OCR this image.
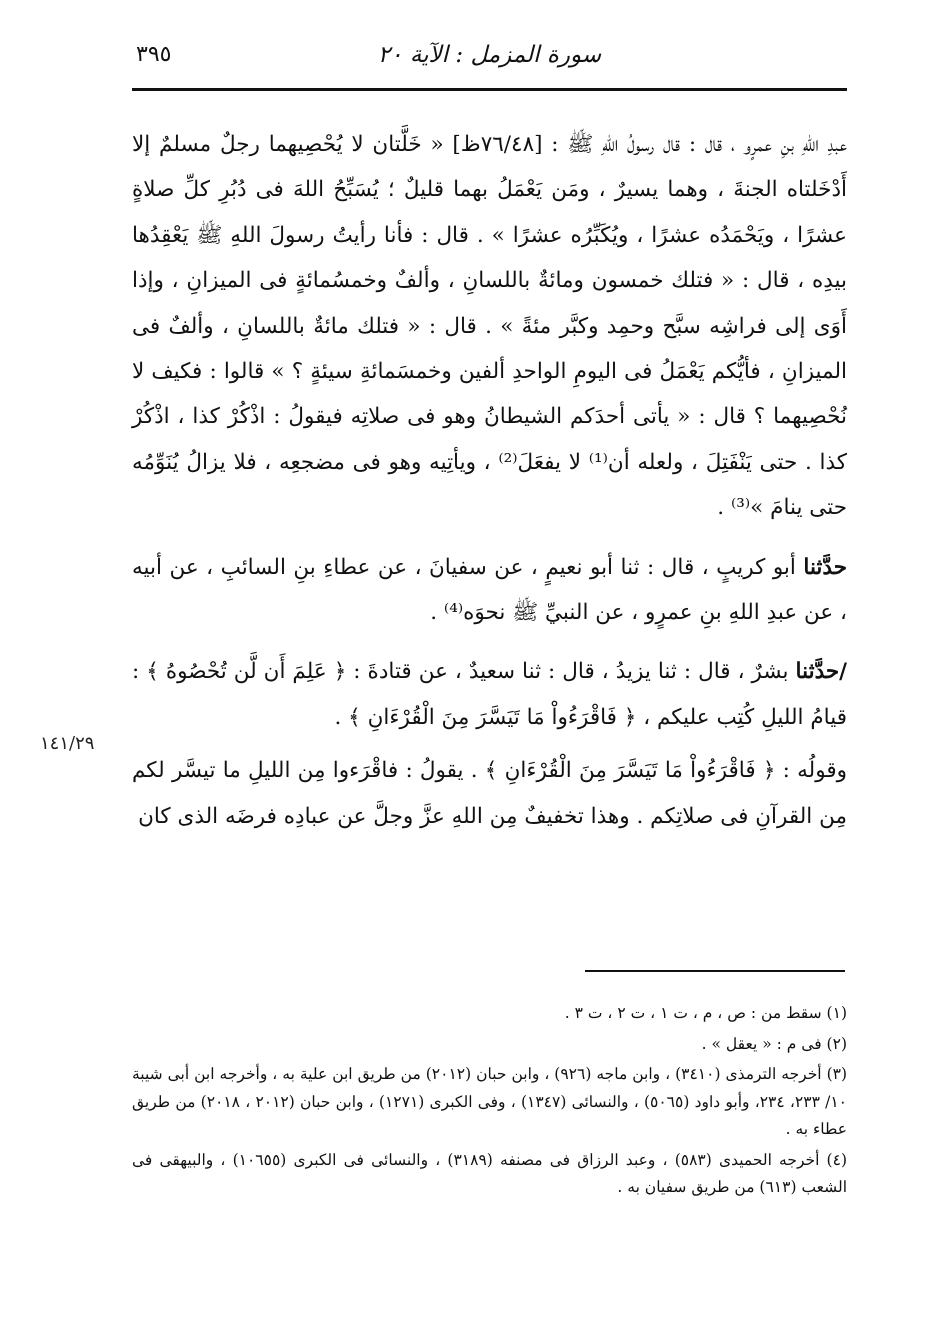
سورة المزمل : الآية ٢٠
٣٩٥
١٤١/٢٩

عبدِ اللهِ بنِ عمرٍو ، قال : قال رسولُ اللهِ ﷺ : [٧٦/٤٨ظ] « خَلَّتان لا يُحْصِيهما رجلٌ مسلمٌ إلا أَدْخَلتاه الجنةَ ، وهما يسيرٌ ، ومَن يَعْمَلُ بهما قليلٌ ؛ يُسَبِّحُ اللهَ فى دُبُرِ كلِّ صلاةٍ عشرًا ، ويَحْمَدُه عشرًا ، ويُكَبِّرُه عشرًا » . قال : فأنا رأيتُ رسولَ اللهِ ﷺ يَعْقِدُها بيدِه ، قال : « فتلك خمسون ومائةٌ باللسانِ ، وألفٌ وخمسُمائةٍ فى الميزانِ ، وإذا أَوَى إلى فراشِه سبَّح وحمِد وكبَّر مئةً » . قال : « فتلك مائةٌ باللسانِ ، وألفٌ فى الميزانِ ، فأيُّكم يَعْمَلُ فى اليومِ الواحدِ ألفين وخمسَمائةِ سيئةٍ ؟ » قالوا : فكيف لا نُحْصِيهما ؟ قال : « يأتى أحدَكم الشيطانُ وهو فى صلاتِه فيقولُ : اذْكُرْ كذا ، اذْكُرْ كذا . حتى يَنْفَتِلَ ، ولعله أن⁽¹⁾ لا يفعَلَ⁽²⁾ ، ويأتِيه وهو فى مضجعِه ، فلا يزالُ يُنَوِّمُه حتى ينامَ »⁽³⁾ .

حدَّثنا أبو كريبٍ ، قال : ثنا أبو نعيمٍ ، عن سفيانَ ، عن عطاءِ بنِ السائبِ ، عن أبيه ، عن عبدِ اللهِ بنِ عمرٍو ، عن النبيِّ ﷺ نحوَه⁽⁴⁾ .

/حدَّثنا بشرٌ ، قال : ثنا يزيدُ ، قال : ثنا سعيدٌ ، عن قتادةَ : ﴿ عَلِمَ أَن لَّن تُحْصُوهُ ﴾ : قيامُ الليلِ كُتِب عليكم ، ﴿ فَاقْرَءُواْ مَا تَيَسَّرَ مِنَ الْقُرْءَانِ ﴾ .

وقولُه : ﴿ فَاقْرَءُواْ مَا تَيَسَّرَ مِنَ الْقُرْءَانِ ﴾ . يقولُ : فاقْرَءوا مِن الليلِ ما تيسَّر لكم مِن القرآنِ فى صلاتِكم . وهذا تخفيفٌ مِن اللهِ عزَّ وجلَّ عن عبادِه فرضَه الذى كان

(١) سقط من : ص ، م ، ت ١ ، ت ٢ ، ت ٣ .
(٢) فى م : « يعقل » .
(٣) أخرجه الترمذى (٣٤١٠) ، وابن ماجه (٩٢٦) ، وابن حبان (٢٠١٢) من طريق ابن علية به ، وأخرجه ابن أبى شيبة ١٠/ ٢٣٣، ٢٣٤، وأبو داود (٥٠٦٥) ، والنسائى (١٣٤٧) ، وفى الكبرى (١٢٧١) ، وابن حبان (٢٠١٢ ، ٢٠١٨) من طريق عطاء به .
(٤) أخرجه الحميدى (٥٨٣) ، وعبد الرزاق فى مصنفه (٣١٨٩) ، والنسائى فى الكبرى (١٠٦٥٥) ، والبيهقى فى الشعب (٦١٣) من طريق سفيان به .
